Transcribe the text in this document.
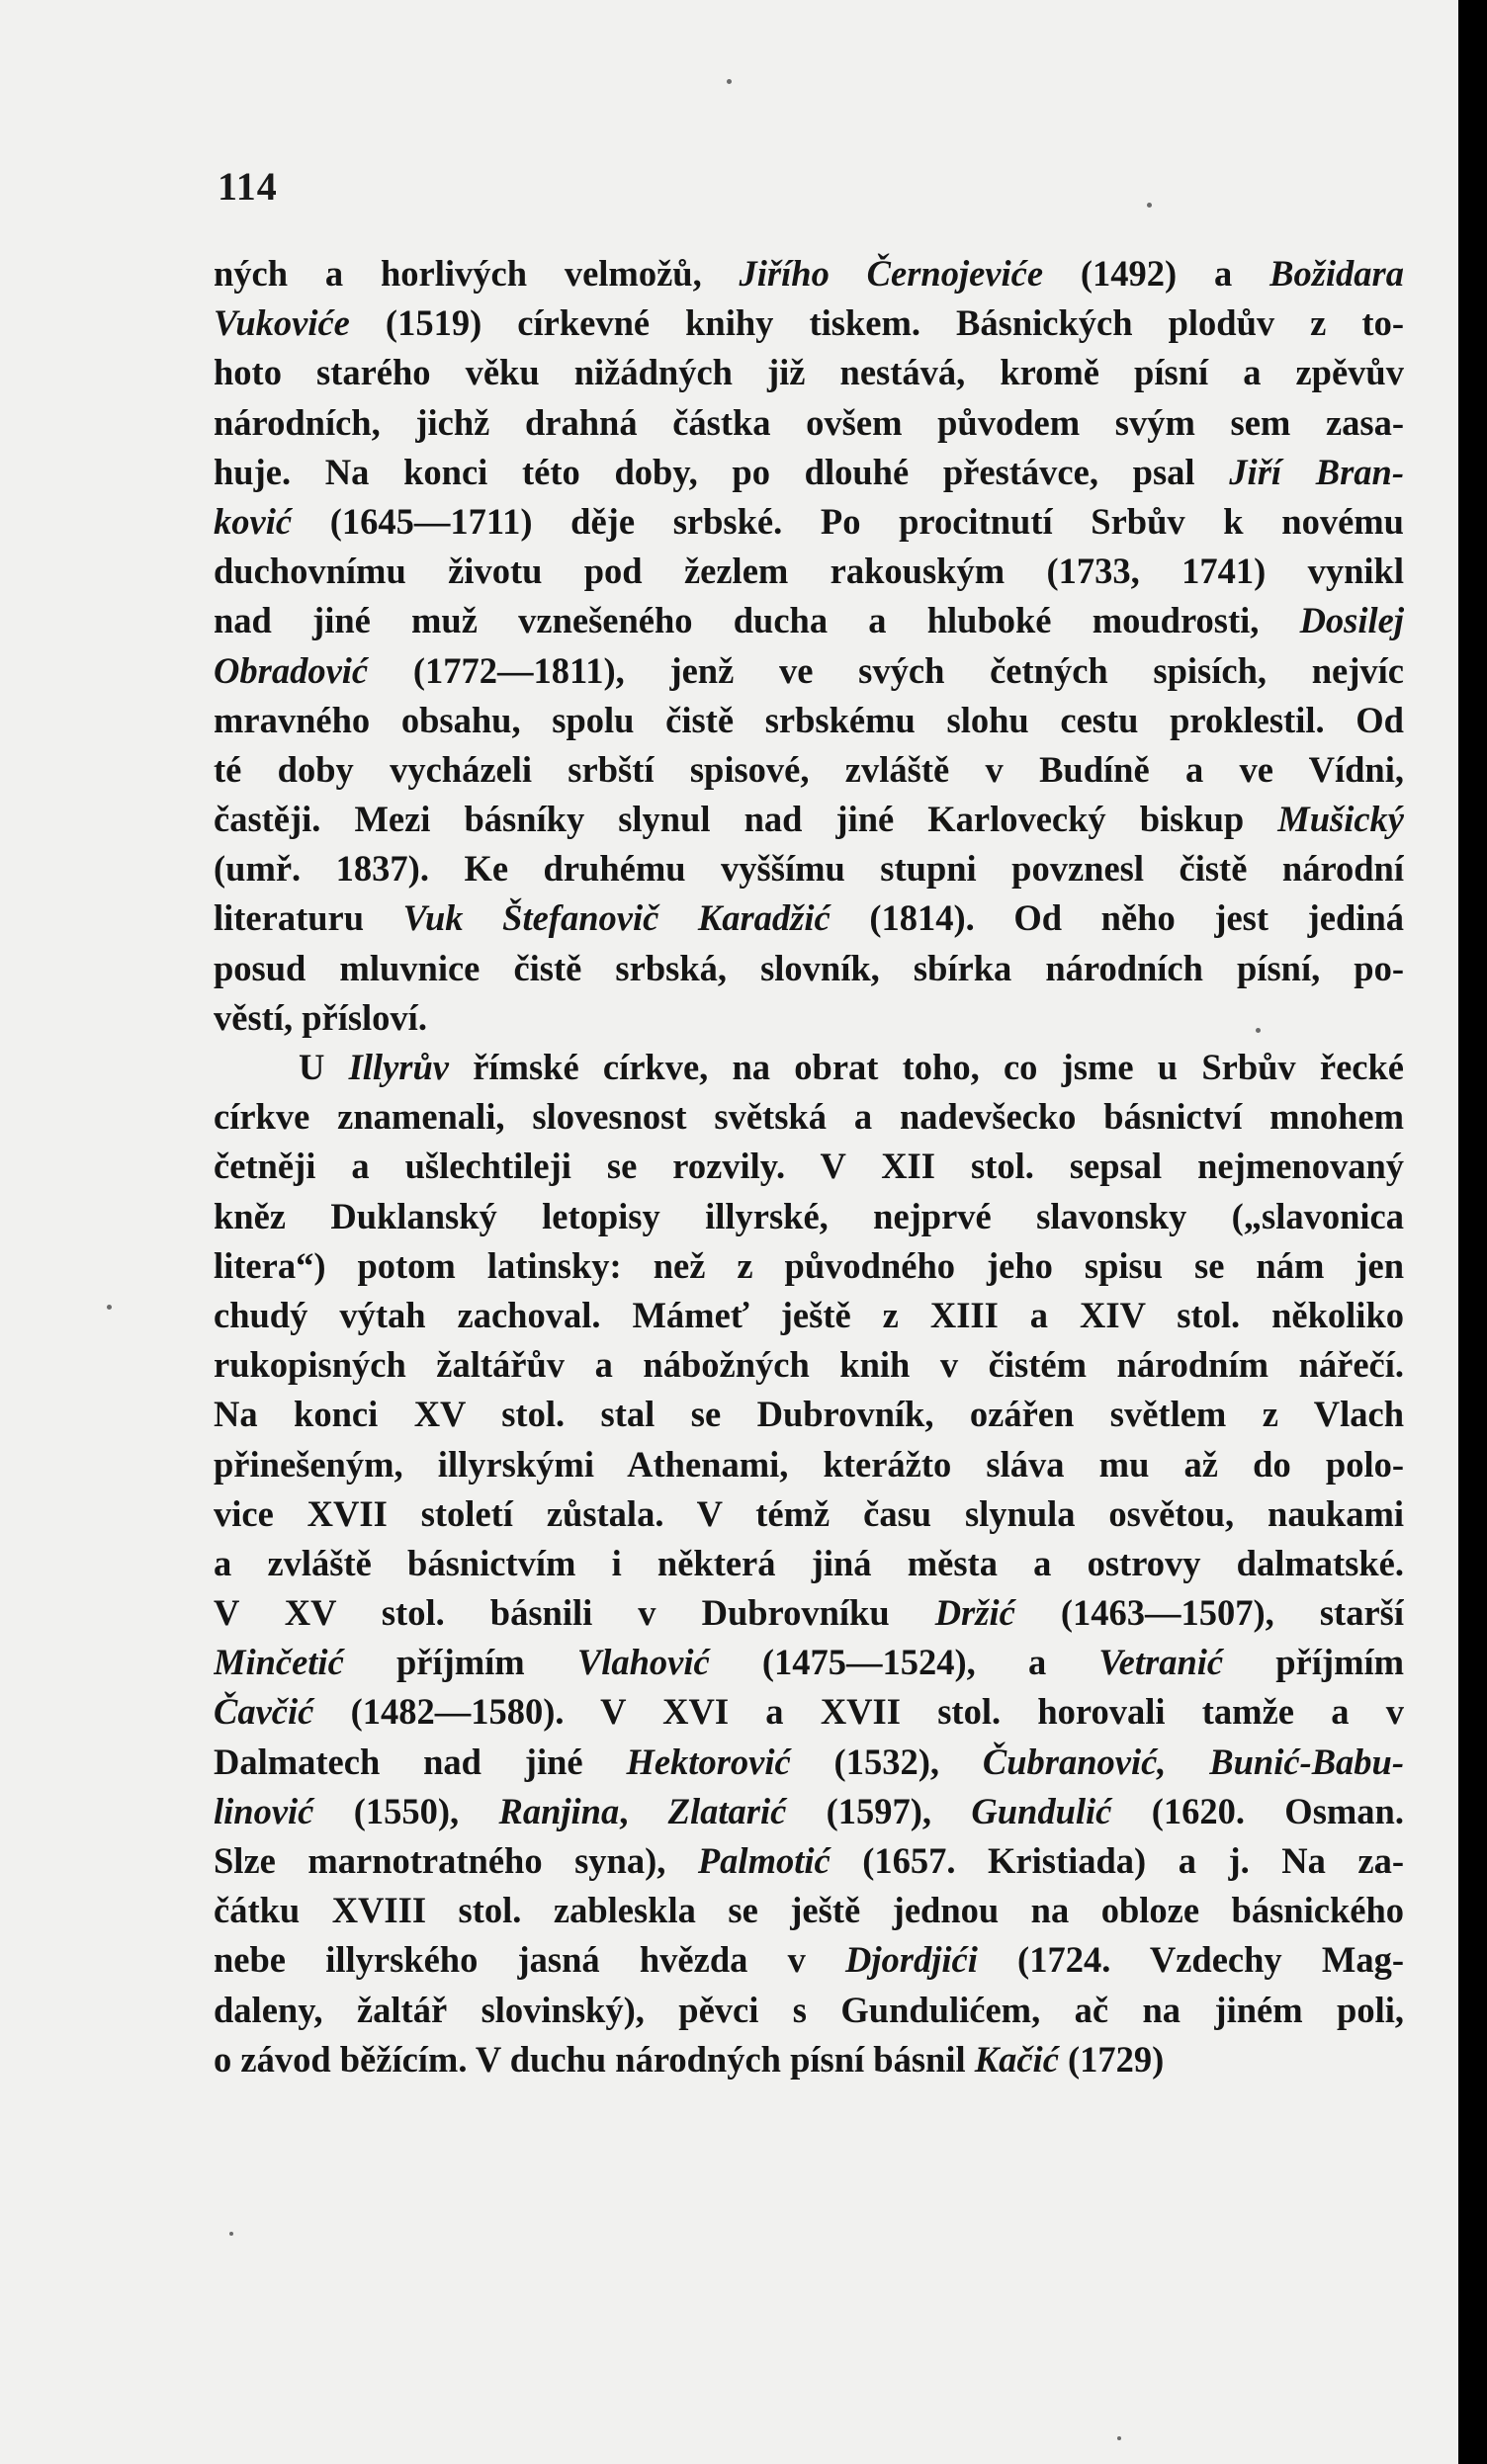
114
ných a horlivých velmožů, Jiřího Černojeviće (1492) a Božidara
Vukoviće (1519) církevné knihy tiskem. Básnických plodův z to-
hoto starého věku nižádných již nestává, kromě písní a zpěvův
národních, jichž drahná částka ovšem původem svým sem zasa-
huje. Na konci této doby, po dlouhé přestávce, psal Jiří Bran-
ković (1645—1711) děje srbské. Po procitnutí Srbův k novému
duchovnímu životu pod žezlem rakouským (1733, 1741) vynikl
nad jiné muž vznešeného ducha a hluboké moudrosti, Dosilej
Obradović (1772—1811), jenž ve svých četných spisích, nejvíc
mravného obsahu, spolu čistě srbskému slohu cestu proklestil. Od
té doby vycházeli srbští spisové, zvláště v Budíně a ve Vídni,
častěji. Mezi básníky slynul nad jiné Karlovecký biskup Mušický
(umř. 1837). Ke druhému vyššímu stupni povznesl čistě národní
literaturu Vuk Štefanovič Karadžić (1814). Od něho jest jediná
posud mluvnice čistě srbská, slovník, sbírka národních písní, po-
věstí, přísloví.
U Illyrův římské církve, na obrat toho, co jsme u Srbův řecké
církve znamenali, slovesnost světská a nadevšecko básnictví mnohem
četněji a ušlechtileji se rozvily. V XII stol. sepsal nejmenovaný
kněz Duklanský letopisy illyrské, nejprvé slavonsky („slavonica
litera“) potom latinsky: než z původného jeho spisu se nám jen
chudý výtah zachoval. Mámeť ještě z XIII a XIV stol. několiko
rukopisných žaltářův a nábožných knih v čistém národním nářečí.
Na konci XV stol. stal se Dubrovník, ozářen světlem z Vlach
přinešeným, illyrskými Athenami, kterážto sláva mu až do polo-
vice XVII století zůstala. V témž času slynula osvětou, naukami
a zvláště básnictvím i některá jiná města a ostrovy dalmatské.
V XV stol. básnili v Dubrovníku Držić (1463—1507), starší
Minčetić příjmím Vlahović (1475—1524), a Vetranić příjmím
Čavčić (1482—1580). V XVI a XVII stol. horovali tamže a v
Dalmatech nad jiné Hektorović (1532), Čubranović, Bunić-Babu-
linović (1550), Ranjina, Zlatarić (1597), Gundulić (1620. Osman.
Slze marnotratného syna), Palmotić (1657. Kristiada) a j. Na za-
čátku XVIII stol. zableskla se ještě jednou na obloze básnického
nebe illyrského jasná hvězda v Djordjići (1724. Vzdechy Mag-
daleny, žaltář slovinský), pěvci s Gundulićem, ač na jiném poli,
o závod běžícím. V duchu národných písní básnil Kačić (1729)
